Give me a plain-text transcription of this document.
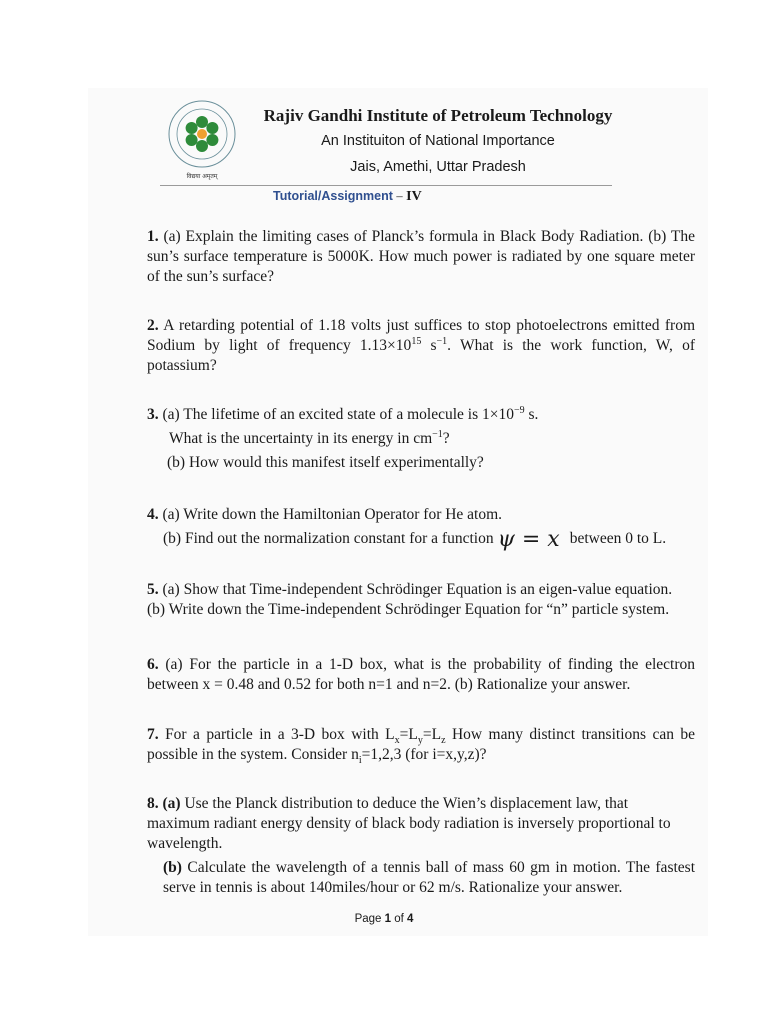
विद्यया अमृतम्
Rajiv Gandhi Institute of Petroleum Technology
An Instituiton of National Importance
Jais, Amethi, Uttar Pradesh
Tutorial/Assignment – IV

1. (a) Explain the limiting cases of Planck’s formula in Black Body Radiation. (b) The sun’s surface temperature is 5000K. How much power is radiated by one square meter of the sun’s surface?

2. A retarding potential of 1.18 volts just suffices to stop photoelectrons emitted from Sodium by light of frequency $1.13\times 10^{15}$ $s^{-1}$. What is the work function, W, of potassium?

3. (a) The lifetime of an excited state of a molecule is $1\times 10^{-9}$ s.

What is the uncertainty in its energy in $cm^{-1}$?

(b) How would this manifest itself experimentally?

4. (a) Write down the Hamiltonian Operator for He atom.

(b) Find out the normalization constant for a function ψ = x between 0 to L.

5. (a) Show that Time-independent Schrödinger Equation is an eigen-value equation.

(b) Write down the Time-independent Schrödinger Equation for “n” particle system.

6. (a) For the particle in a 1-D box, what is the probability of finding the electron between x = 0.48 and 0.52 for both n=1 and n=2. (b) Rationalize your answer.

7. For a particle in a 3-D box with $L_x=L_y=L_z$ How many distinct transitions can be possible in the system. Consider $n_i=1,2,3$ (for i=x,y,z)?

8. (a) Use the Planck distribution to deduce the Wien’s displacement law, that maximum radiant energy density of black body radiation is inversely proportional to wavelength.

(b) Calculate the wavelength of a tennis ball of mass 60 gm in motion. The fastest serve in tennis is about 140miles/hour or 62 m/s. Rationalize your answer.

Page 1 of 4
